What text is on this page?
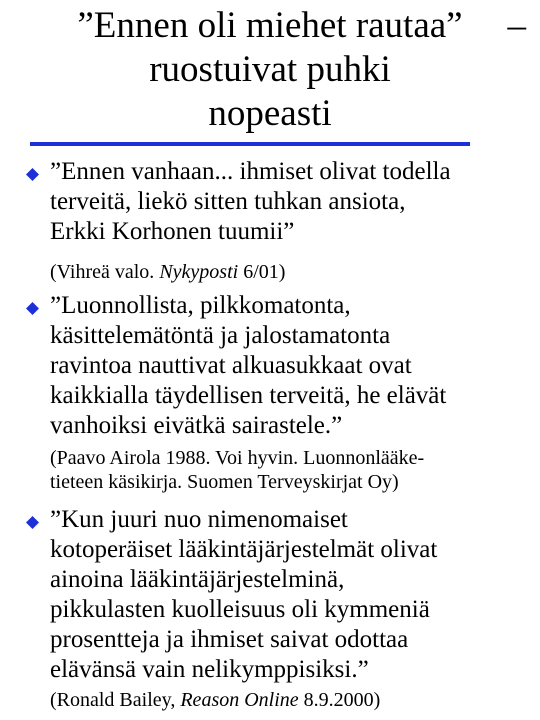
”Ennen oli miehet rautaa”
ruostuivat puhki
nopeasti
–
”Ennen vanhaan... ihmiset olivat todella
terveitä, liekö sitten tuhkan ansiota,
Erkki Korhonen tuumii”
(Vihreä valo. Nykyposti 6/01)
”Luonnollista, pilkkomatonta,
käsittelemätöntä ja jalostamatonta
ravintoa nauttivat alkuasukkaat ovat
kaikkialla täydellisen terveitä, he elävät
vanhoiksi eivätkä sairastele.”
(Paavo Airola 1988. Voi hyvin. Luonnonlääke-
tieteen käsikirja. Suomen Terveyskirjat Oy)
”Kun juuri nuo nimenomaiset
kotoperäiset lääkintäjärjestelmät olivat
ainoina lääkintäjärjestelminä,
pikkulasten kuolleisuus oli kymmeniä
prosentteja ja ihmiset saivat odottaa
elävänsä vain nelikymppisiksi.”
(Ronald Bailey, Reason Online 8.9.2000)
